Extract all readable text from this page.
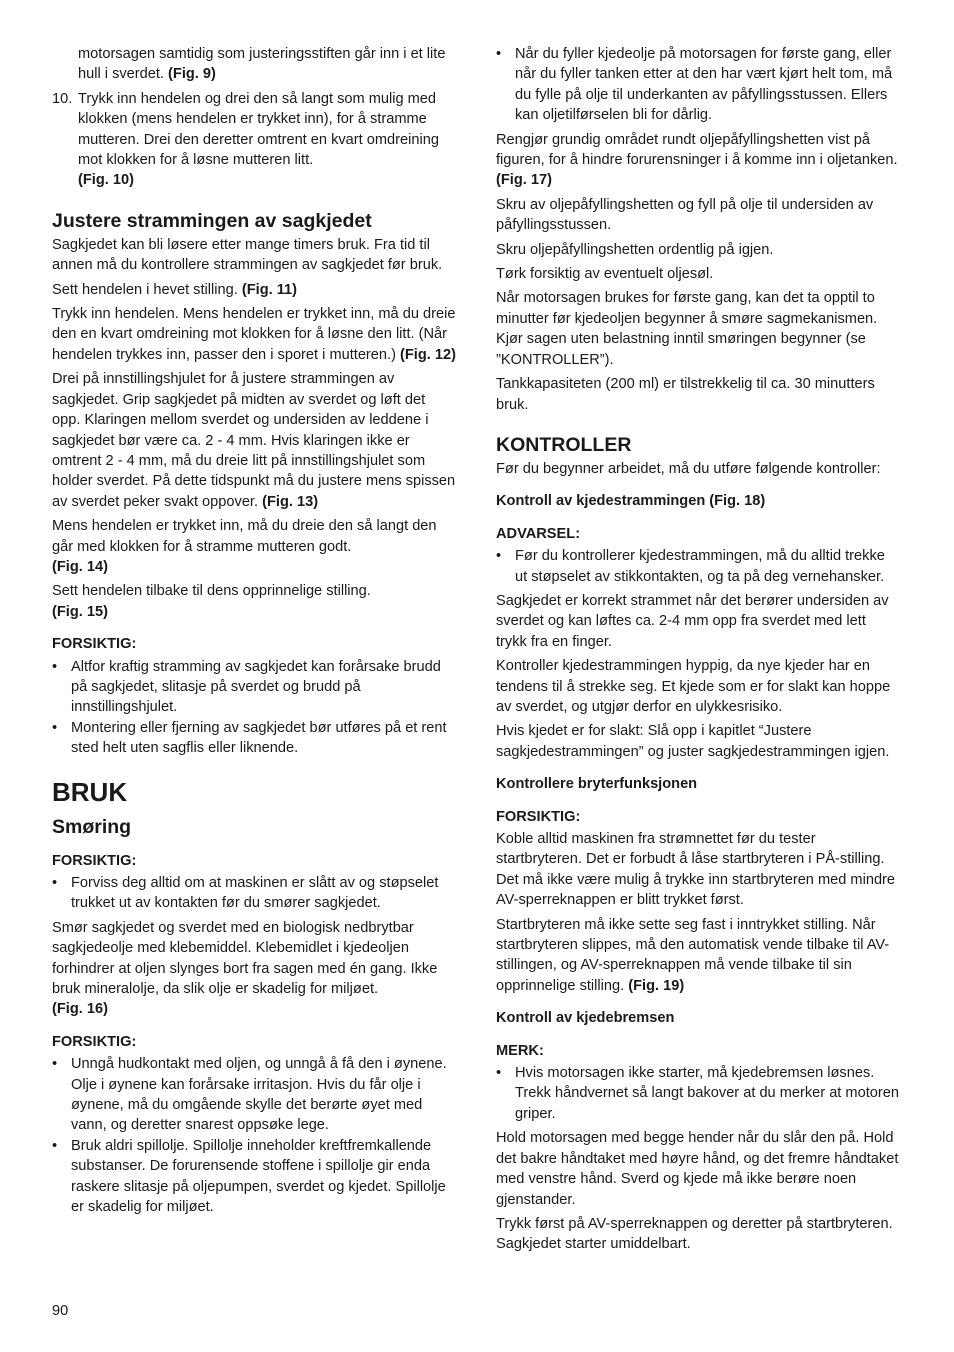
motorsagen samtidig som justeringsstiften går inn i et lite hull i sverdet. (Fig. 9)

10. Trykk inn hendelen og drei den så langt som mulig med klokken (mens hendelen er trykket inn), for å stramme mutteren. Drei den deretter omtrent en kvart omdreining mot klokken for å løsne mutteren litt.
(Fig. 10)
Justere strammingen av sagkjedet

Sagkjedet kan bli løsere etter mange timers bruk. Fra tid til annen må du kontrollere strammingen av sagkjedet før bruk.

Sett hendelen i hevet stilling. (Fig. 11)

Trykk inn hendelen. Mens hendelen er trykket inn, må du dreie den en kvart omdreining mot klokken for å løsne den litt. (Når hendelen trykkes inn, passer den i sporet i mutteren.) (Fig. 12)

Drei på innstillingshjulet for å justere strammingen av sagkjedet. Grip sagkjedet på midten av sverdet og løft det opp. Klaringen mellom sverdet og undersiden av leddene i sagkjedet bør være ca. 2 - 4 mm. Hvis klaringen ikke er omtrent 2 - 4 mm, må du dreie litt på innstillingshjulet som holder sverdet. På dette tidspunkt må du justere mens spissen av sverdet peker svakt oppover. (Fig. 13)

Mens hendelen er trykket inn, må du dreie den så langt den går med klokken for å stramme mutteren godt.
(Fig. 14)

Sett hendelen tilbake til dens opprinnelige stilling.
(Fig. 15)

FORSIKTIG:
• Altfor kraftig stramming av sagkjedet kan forårsake brudd på sagkjedet, slitasje på sverdet og brudd på innstillingshjulet.
• Montering eller fjerning av sagkjedet bør utføres på et rent sted helt uten sagflis eller liknende.
BRUK
Smøring
FORSIKTIG:
• Forviss deg alltid om at maskinen er slått av og støpselet trukket ut av kontakten før du smører sagkjedet.

Smør sagkjedet og sverdet med en biologisk nedbrytbar sagkjedeolje med klebemiddel. Klebemidlet i kjedeoljen forhindrer at oljen slynges bort fra sagen med én gang. Ikke bruk mineralolje, da slik olje er skadelig for miljøet.
(Fig. 16)

FORSIKTIG:
• Unngå hudkontakt med oljen, og unngå å få den i øynene. Olje i øynene kan forårsake irritasjon. Hvis du får olje i øynene, må du omgående skylle det berørte øyet med vann, og deretter snarest oppsøke lege.
• Bruk aldri spillolje. Spillolje inneholder kreftfremkallende substanser. De forurensende stoffene i spillolje gir enda raskere slitasje på oljepumpen, sverdet og kjedet. Spillolje er skadelig for miljøet.
• Når du fyller kjedeolje på motorsagen for første gang, eller når du fyller tanken etter at den har vært kjørt helt tom, må du fylle på olje til underkanten av påfyllingsstussen. Ellers kan oljetilførselen bli for dårlig.

Rengjør grundig området rundt oljepåfyllingshetten vist på figuren, for å hindre forurensninger i å komme inn i oljetanken. (Fig. 17)

Skru av oljepåfyllingshetten og fyll på olje til undersiden av påfyllingsstussen.

Skru oljepåfyllingshetten ordentlig på igjen.

Tørk forsiktig av eventuelt oljesøl.

Når motorsagen brukes for første gang, kan det ta opptil to minutter før kjedeoljen begynner å smøre sagmekanismen. Kjør sagen uten belastning inntil smøringen begynner (se ”KONTROLLER”).

Tankkapasiteten (200 ml) er tilstrekkelig til ca. 30 minutters bruk.

KONTROLLER

Før du begynner arbeidet, må du utføre følgende kontroller:

Kontroll av kjedestrammingen (Fig. 18)
ADVARSEL:
• Før du kontrollerer kjedestrammingen, må du alltid trekke ut støpselet av stikkontakten, og ta på deg vernehansker.

Sagkjedet er korrekt strammet når det berører undersiden av sverdet og kan løftes ca. 2-4 mm opp fra sverdet med lett trykk fra en finger.

Kontroller kjedestrammingen hyppig, da nye kjeder har en tendens til å strekke seg. Et kjede som er for slakt kan hoppe av sverdet, og utgjør derfor en ulykkesrisiko.

Hvis kjedet er for slakt: Slå opp i kapitlet “Justere sagkjedestrammingen” og juster sagkjedestrammingen igjen.

Kontrollere bryterfunksjonen
FORSIKTIG:

Koble alltid maskinen fra strømnettet før du tester startbryteren. Det er forbudt å låse startbryteren i PÅ-stilling. Det må ikke være mulig å trykke inn startbryteren med mindre AV-sperreknappen er blitt trykket først.

Startbryteren må ikke sette seg fast i inntrykket stilling. Når startbryteren slippes, må den automatisk vende tilbake til AV-stillingen, og AV-sperreknappen må vende tilbake til sin opprinnelige stilling. (Fig. 19)

Kontroll av kjedebremsen
MERK:
• Hvis motorsagen ikke starter, må kjedebremsen løsnes. Trekk håndvernet så langt bakover at du merker at motoren griper.

Hold motorsagen med begge hender når du slår den på. Hold det bakre håndtaket med høyre hånd, og det fremre håndtaket med venstre hånd. Sverd og kjede må ikke berøre noen gjenstander.

Trykk først på AV-sperreknappen og deretter på startbryteren. Sagkjedet starter umiddelbart.

90
